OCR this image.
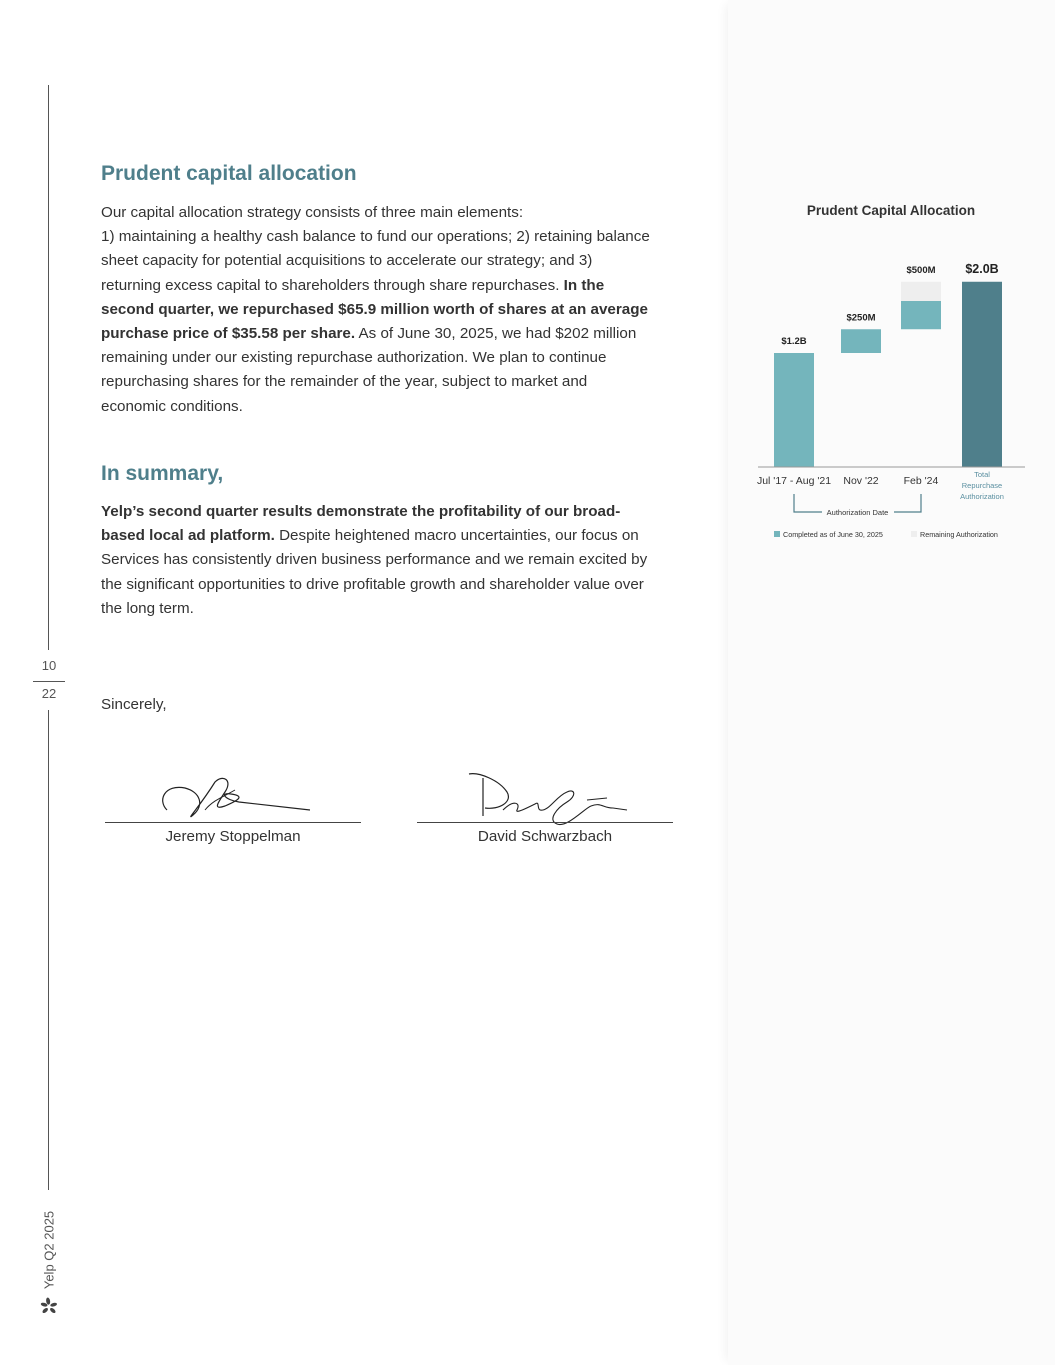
10
22
Yelp Q2 2025
Prudent capital allocation

Our capital allocation strategy consists of three main elements:
1) maintaining a healthy cash balance to fund our operations; 2) retaining balance sheet capacity for potential acquisitions to accelerate our strategy; and 3) returning excess capital to shareholders through share repurchases. In the second quarter, we repurchased $65.9 million worth of shares at an average purchase price of $35.58 per share. As of June 30, 2025, we had $202 million remaining under our existing repurchase authorization. We plan to continue repurchasing shares for the remainder of the year, subject to market and economic conditions.

In summary,

Yelp’s second quarter results demonstrate the profitability of our broad-based local ad platform. Despite heightened macro uncertainties, our focus on Services has consistently driven business performance and we remain excited by the significant opportunities to drive profitable growth and shareholder value over the long term.

Sincerely,
Jeremy Stoppelman	David Schwarzbach
Prudent Capital Allocation
$1.2B
$250M
$500M $2.0B
Jul '17 - Aug '21 Nov '22 Feb '24
Total Repurchase Authorization
Authorization Date
Completed as of June 30, 2025	Remaining Authorization
